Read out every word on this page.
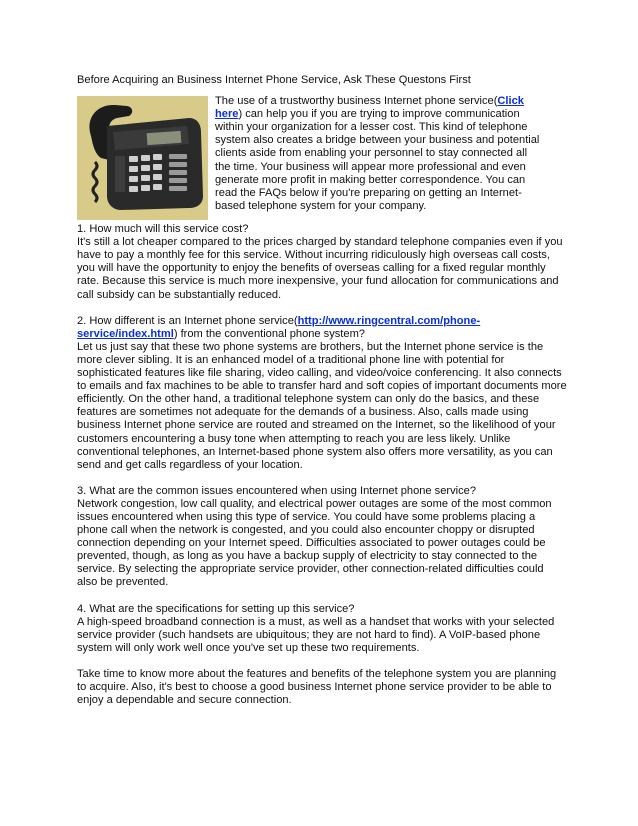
Before Acquiring an Business Internet Phone Service, Ask These Questons First
The use of a trustworthy business Internet phone service(Click here) can help you if you are trying to improve communication within your organization for a lesser cost. This kind of telephone system also creates a bridge between your business and potential clients aside from enabling your personnel to stay connected all the time. Your business will appear more professional and even generate more profit in making better correspondence. You can read the FAQs below if you're preparing on getting an Internet-based telephone system for your company.

1. How much will this service cost?

It's still a lot cheaper compared to the prices charged by standard telephone companies even if you have to pay a monthly fee for this service. Without incurring ridiculously high overseas call costs, you will have the opportunity to enjoy the benefits of overseas calling for a fixed regular monthly rate. Because this service is much more inexpensive, your fund allocation for communications and call subsidy can be substantially reduced.

2. How different is an Internet phone service(http://www.ringcentral.com/phone-service/index.html) from the conventional phone system?

Let us just say that these two phone systems are brothers, but the Internet phone service is the more clever sibling. It is an enhanced model of a traditional phone line with potential for sophisticated features like file sharing, video calling, and video/voice conferencing. It also connects to emails and fax machines to be able to transfer hard and soft copies of important documents more efficiently. On the other hand, a traditional telephone system can only do the basics, and these features are sometimes not adequate for the demands of a business. Also, calls made using business Internet phone service are routed and streamed on the Internet, so the likelihood of your customers encountering a busy tone when attempting to reach you are less likely. Unlike conventional telephones, an Internet-based phone system also offers more versatility, as you can send and get calls regardless of your location.

3. What are the common issues encountered when using Internet phone service?

Network congestion, low call quality, and electrical power outages are some of the most common issues encountered when using this type of service. You could have some problems placing a phone call when the network is congested, and you could also encounter choppy or disrupted connection depending on your Internet speed. Difficulties associated to power outages could be prevented, though, as long as you have a backup supply of electricity to stay connected to the service. By selecting the appropriate service provider, other connection-related difficulties could also be prevented.

4. What are the specifications for setting up this service?

A high-speed broadband connection is a must, as well as a handset that works with your selected service provider (such handsets are ubiquitous; they are not hard to find). A VoIP-based phone system will only work well once you've set up these two requirements.

Take time to know more about the features and benefits of the telephone system you are planning to acquire. Also, it's best to choose a good business Internet phone service provider to be able to enjoy a dependable and secure connection.
